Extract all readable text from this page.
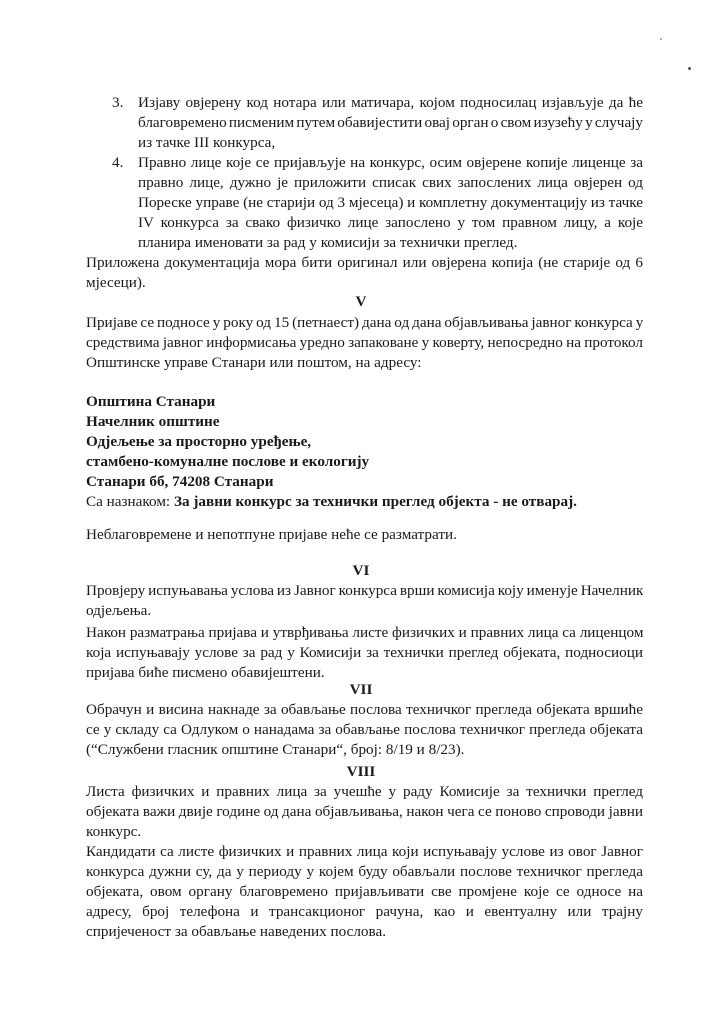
3. Изјаву овјерену код нотара или матичара, којом подносилац изјављује да ће
благовремено писменим путем обавијестити овај орган о свом изузећу у случају
из тачке III конкурса,
4. Правно лице које се пријављује на конкурс, осим овјерене копије лиценце за
правно лице, дужно је приложити списак свих запослених лица овјерен од
Пореске управе (не старији од 3 мјесеца) и комплетну документацију из тачке
IV конкурса за свако физичко лице запослено у том правном лицу, а које
планира именовати за рад у комисији за технички преглед.
Приложена документација мора бити оригинал или овјерена копија (не старије од 6
мјесеци).
V
Пријаве се подносе у року од 15 (петнаест) дана од дана објављивања јавног конкурса у
средствима јавног информисања уредно запаковане у коверту, непосредно на протокол
Општинске управе Станари или поштом, на адресу:
Општина Станари
Начелник општине
Одјељење за просторно уређење,
стамбено-комуналне послове и екологију
Станари бб, 74208 Станари
Са назнаком: За јавни конкурс за технички преглед објекта - не отварај.
Неблаговремене и непотпуне пријаве неће се разматрати.
VI
Провјеру испуњавања услова из Јавног конкурса врши комисија коју именује Начелник
одјељења.
Након разматрања пријава и утврђивања листе физичких и правних лица са лиценцом
која испуњавају услове за рад у Комисији за технички преглед објеката, подносиоци
пријава биће писмено обавијештени.
VII
Обрачун и висина накнаде за обављање послова техничког прегледа објеката вршиће
се у складу са Одлуком о нанадама за обављање послова техничког прегледа објеката
(“Службени гласник општине Станари“, број: 8/19 и 8/23).
VIII
Листа физичких и правних лица за учешће у раду Комисије за технички преглед
објеката важи двије године од дана објављивања, након чега се поново спроводи јавни
конкурс.
Кандидати са листе физичких и правних лица који испуњавају услове из овог Јавног
конкурса дужни су, да у периоду у којем буду обављали послове техничког прегледа
објеката, овом органу благовремено пријављивати све промјене које се односе на
адресу, број телефона и трансакционог рачуна, као и евентуалну или трајну
спријеченост за обављање наведених послова.
